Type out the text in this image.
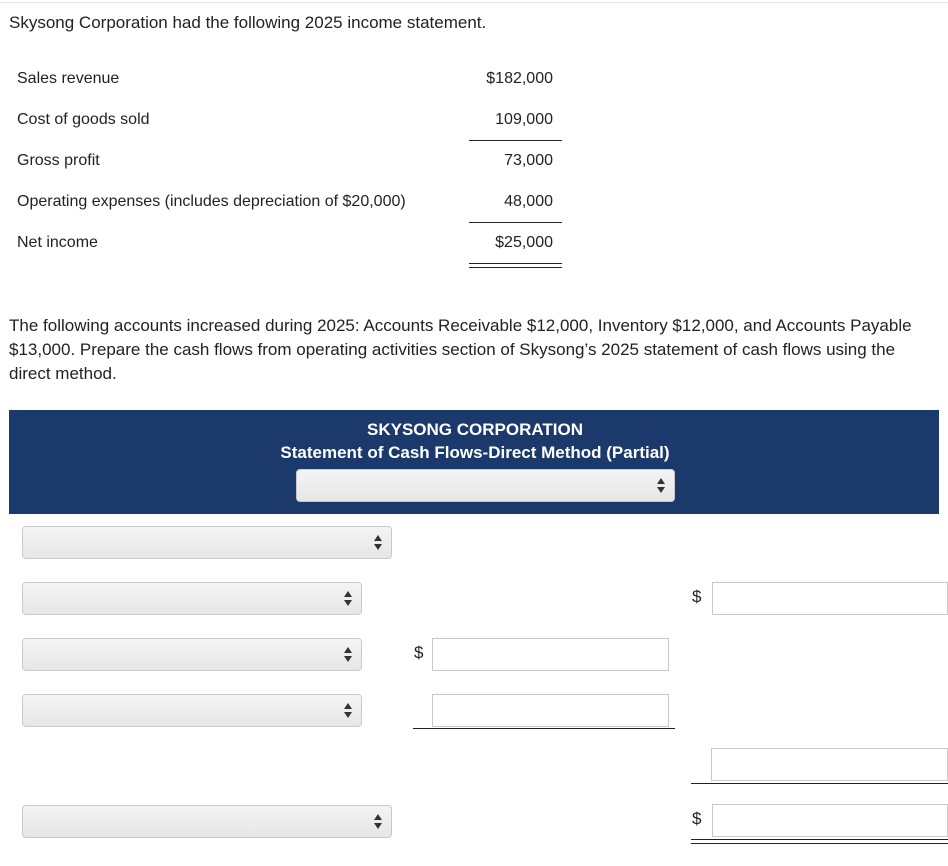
Skysong Corporation had the following 2025 income statement.
Sales revenue	$182,000
Cost of goods sold	109,000
Gross profit	73,000
Operating expenses (includes depreciation of $20,000)	48,000
Net income	$25,000
The following accounts increased during 2025: Accounts Receivable $12,000, Inventory $12,000, and Accounts Payable $13,000. Prepare the cash flows from operating activities section of Skysong’s 2025 statement of cash flows using the direct method.
SKYSONG CORPORATION
Statement of Cash Flows-Direct Method (Partial)
$
$
$
